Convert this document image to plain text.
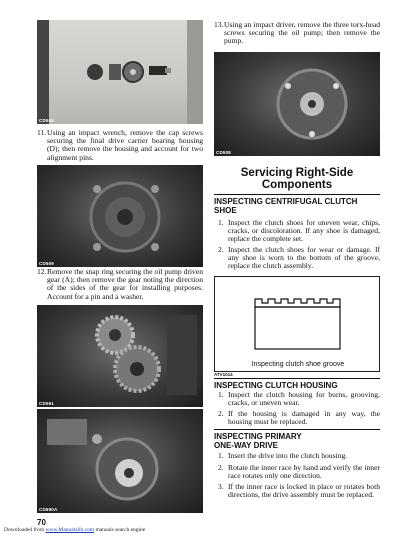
CD508
11. Using an impact wrench, remove the cap screws securing the final drive carrier bearing housing (D); then remove the housing and account for two alignment pins.
CD509
12. Remove the snap ring securing the oil pump driven gear (A); then remove the gear noting the direction of the sides of the gear for installing purposes. Account for a pin and a washer.
CD061
CD690A
13. Using an impact driver, remove the three torx-head screws securing the oil pump; then remove the pump.
CD508
Servicing Right-Side
Components
INSPECTING CENTRIFUGAL CLUTCH
SHOE
1. Inspect the clutch shoes for uneven wear, chips, cracks, or discoloration. If any shoe is damaged, replace the complete set.
2. Inspect the clutch shoes for wear or damage. If any shoe is worn to the bottom of the groove, replace the clutch assembly.
Inspecting clutch shoe groove
ATV1014
INSPECTING CLUTCH HOUSING
1. Inspect the clutch housing for burns, grooving, cracks, or uneven wear.
2. If the housing is damaged in any way, the housing must be replaced.
INSPECTING PRIMARY
ONE-WAY DRIVE
1. Insert the drive into the clutch housing.
2. Rotate the inner race by hand and verify the inner race rotates only one direction.
3. If the inner race is locked in place or rotates both directions, the drive assembly must be replaced.
70
Downloaded from www.Manualslib.com manuals search engine
